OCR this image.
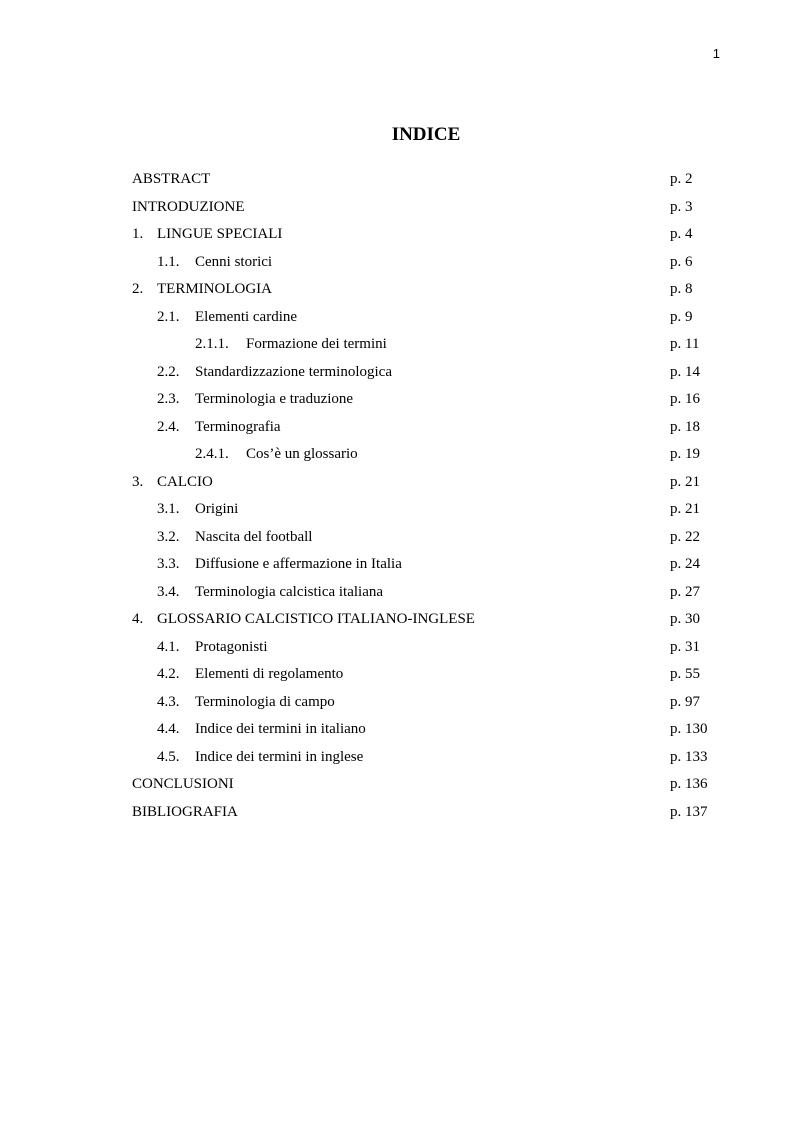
1
INDICE
ABSTRACT	p. 2
INTRODUZIONE	p. 3
1. LINGUE SPECIALI	p. 4
1.1. Cenni storici	p. 6
2. TERMINOLOGIA	p. 8
2.1. Elementi cardine	p. 9
2.1.1. Formazione dei termini	p. 11
2.2. Standardizzazione terminologica	p. 14
2.3. Terminologia e traduzione	p. 16
2.4. Terminografia	p. 18
2.4.1. Cos’è un glossario	p. 19
3. CALCIO	p. 21
3.1. Origini	p. 21
3.2. Nascita del football	p. 22
3.3. Diffusione e affermazione in Italia	p. 24
3.4. Terminologia calcistica italiana	p. 27
4. GLOSSARIO CALCISTICO ITALIANO-INGLESE	p. 30
4.1. Protagonisti	p. 31
4.2. Elementi di regolamento	p. 55
4.3. Terminologia di campo	p. 97
4.4. Indice dei termini in italiano	p. 130
4.5. Indice dei termini in inglese	p. 133
CONCLUSIONI	p. 136
BIBLIOGRAFIA	p. 137
